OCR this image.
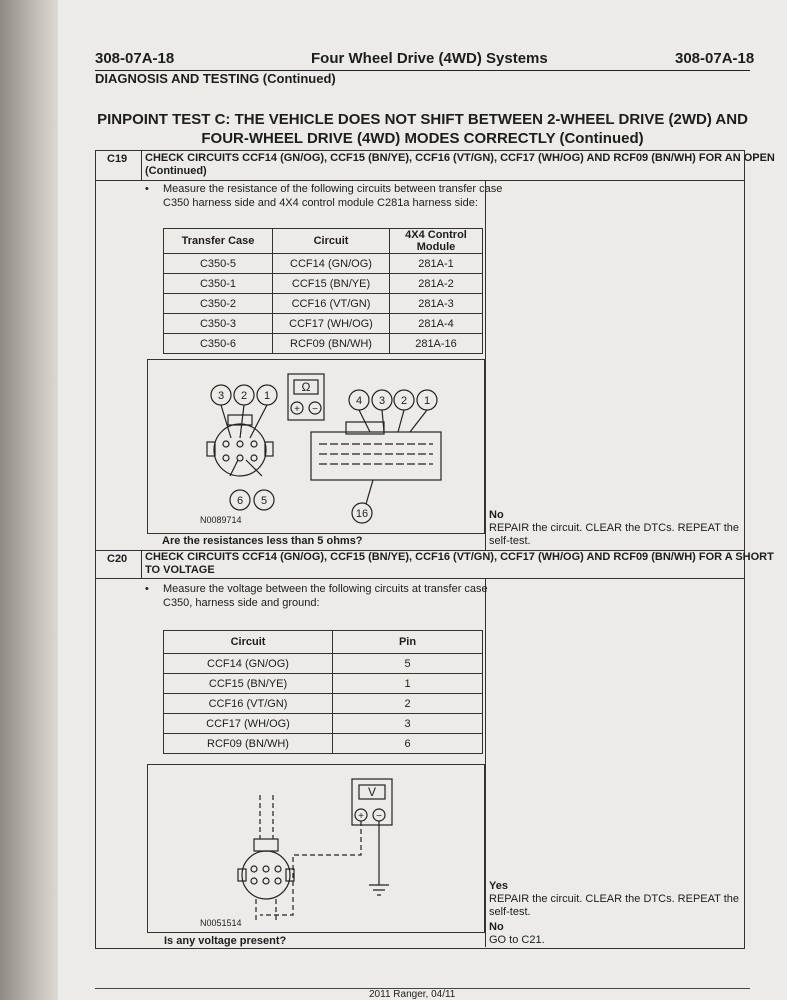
308-07A-18	Four Wheel Drive (4WD) Systems	308-07A-18
DIAGNOSIS AND TESTING (Continued)
PINPOINT TEST C: THE VEHICLE DOES NOT SHIFT BETWEEN 2-WHEEL DRIVE (2WD) AND
FOUR-WHEEL DRIVE (4WD) MODES CORRECTLY (Continued)
C19 CHECK CIRCUITS CCF14 (GN/OG), CCF15 (BN/YE), CCF16 (VT/GN), CCF17 (WH/OG) AND RCF09 (BN/WH) FOR AN OPEN
(Continued)
• Measure the resistance of the following circuits between transfer case
C350 harness side and 4X4 control module C281a harness side:
Transfer Case	Circuit	4X4 Control Module
C350-5	CCF14 (GN/OG)	281A-1
C350-1	CCF15 (BN/YE)	281A-2
C350-2	CCF16 (VT/GN)	281A-3
C350-3	CCF17 (WH/OG)	281A-4
C350-6	RCF09 (BN/WH)	281A-16
3 2 1
6 5
Ω
+ −
4 3 2 1
16
N0089714
Are the resistances less than 5 ohms?
No
REPAIR the circuit. CLEAR the DTCs. REPEAT the
self-test.
C20 CHECK CIRCUITS CCF14 (GN/OG), CCF15 (BN/YE), CCF16 (VT/GN), CCF17 (WH/OG) AND RCF09 (BN/WH) FOR A SHORT
TO VOLTAGE
• Measure the voltage between the following circuits at transfer case
C350, harness side and ground:
Circuit	Pin
CCF14 (GN/OG)	5
CCF15 (BN/YE)	1
CCF16 (VT/GN)	2
CCF17 (WH/OG)	3
RCF09 (BN/WH)	6
V
+ −
N0051514
Is any voltage present?
Yes
REPAIR the circuit. CLEAR the DTCs. REPEAT the
self-test.
No
GO to C21.
2011 Ranger, 04/11
